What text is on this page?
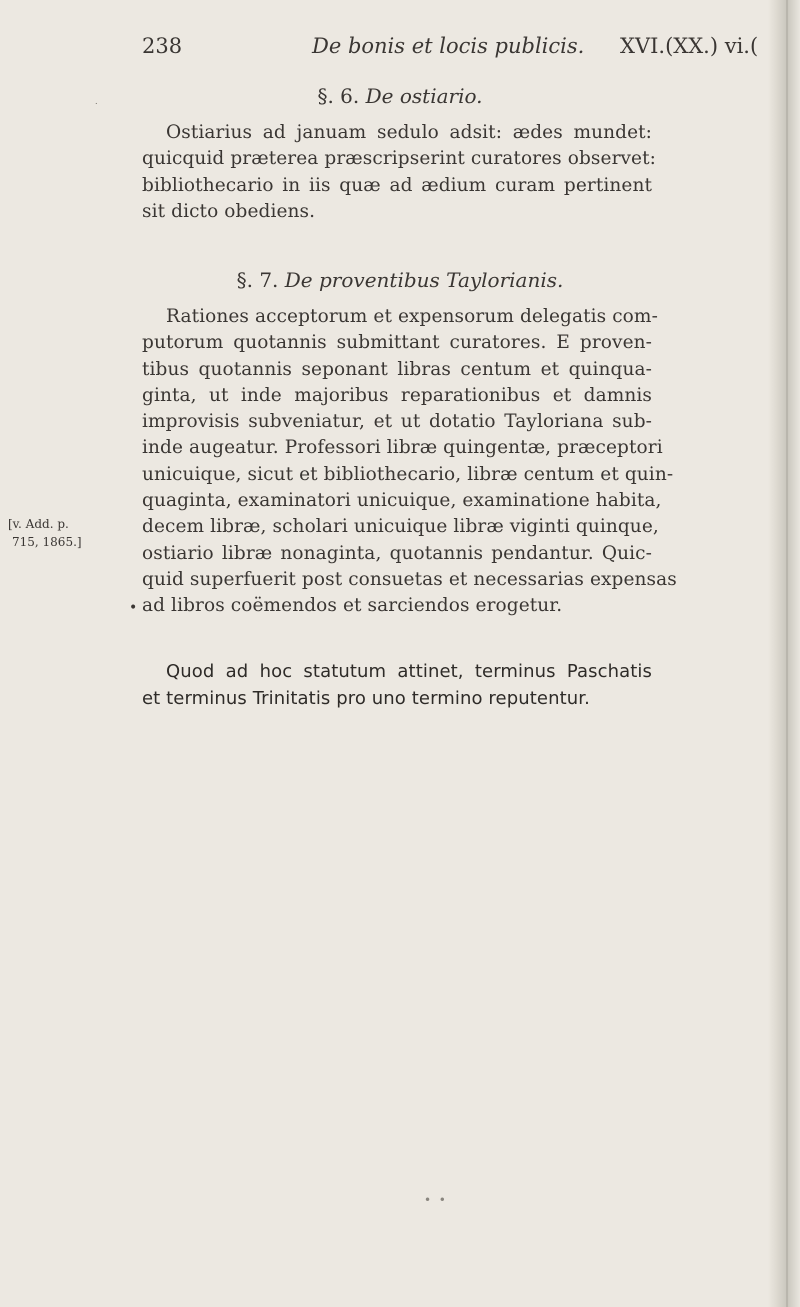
238	De bonis et locis publicis. XVI.(XX.) vi.(
.	§. 6. De ostiario.
Ostiarius ad januam sedulo adsit: ædes mundet:
quicquid præterea præscripserint curatores observet:
bibliothecario in iis quæ ad ædium curam pertinent
sit dicto obediens.
§. 7. De proventibus Taylorianis.
Rationes acceptorum et expensorum delegatis com-
putorum quotannis submittant curatores. E proven-
tibus quotannis seponant libras centum et quinqua-
ginta, ut inde majoribus reparationibus et damnis
improvisis subveniatur, et ut dotatio Tayloriana sub-
inde augeatur. Professori libræ quingentæ, præceptori
unicuique, sicut et bibliothecario, libræ centum et quin-
quaginta, examinatori unicuique, examinatione habita,
decem libræ, scholari unicuique libræ viginti quinque,
ostiario libræ nonaginta, quotannis pendantur. Quic-
quid superfuerit post consuetas et necessarias expensas
ad libros coëmendos et sarciendos erogetur.
[v. Add. p.
715, 1865.]
•
Quod ad hoc statutum attinet, terminus Paschatis
et terminus Trinitatis pro uno termino reputentur.
•  •
